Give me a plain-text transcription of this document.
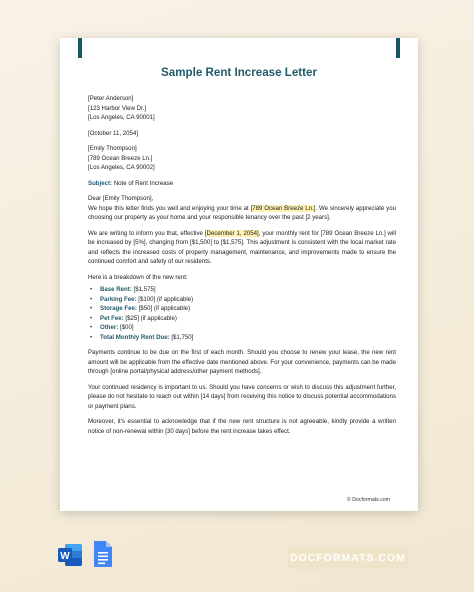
Sample Rent Increase Letter

[Peter Anderson]

[123 Harbor View Dr.]

[Los Angeles, CA 90001]

[October 11, 2054]

[Emily Thompson]

[789 Ocean Breeze Ln.]

[Los Angeles, CA 90002]

Subject: Note of Rent Increase

Dear [Emily Thompson],

We hope this letter finds you well and enjoying your time at [789 Ocean Breeze Ln.]. We sincerely appreciate you choosing our property as your home and your responsible tenancy over the past [2 years].

We are writing to inform you that, effective [December 1, 2054], your monthly rent for [789 Ocean Breeze Ln.] will be increased by [5%], changing from [$1,500] to [$1,575]. This adjustment is consistent with the local market rate and reflects the increased costs of property management, maintenance, and improvements made to ensure the continued comfort and safety of our residents.

Here is a breakdown of the new rent:

• Base Rent: [$1,575]
• Parking Fee: [$100] (if applicable)
• Storage Fee: [$50] (if applicable)
• Pet Fee: [$25] (if applicable)
• Other: [$00]
• Total Monthly Rent Due: [$1,750]

Payments continue to be due on the first of each month. Should you choose to renew your lease, the new rent amount will be applicable from the effective date mentioned above. For your convenience, payments can be made through [online portal/physical address/other payment methods].

Your continued residency is important to us. Should you have concerns or wish to discuss this adjustment further, please do not hesitate to reach out within [14 days] from receiving this notice to discuss potential accommodations or payment plans.

Moreover, it's essential to acknowledge that if the new rent structure is not agreeable, kindly provide a written notice of non-renewal within [30 days] before the rent increase takes effect.

© Docformats.com
W	DOCFORMATS.COM
